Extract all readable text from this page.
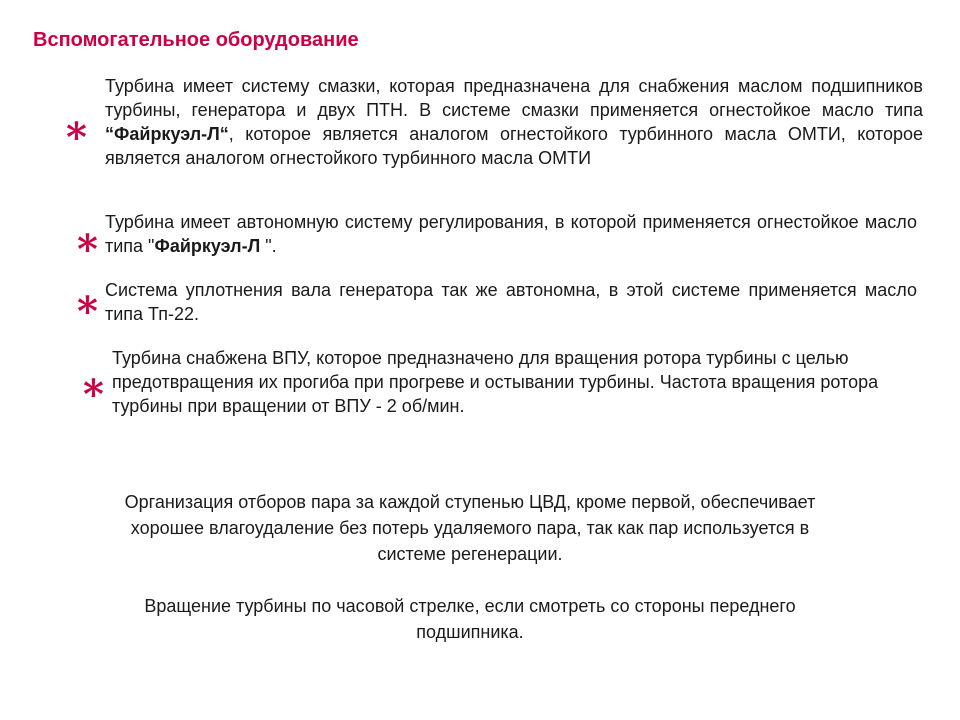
Вспомогательное оборудование
*

Турбина имеет систему смазки, которая предназначена для снабжения маслом подшипников турбины, генератора и двух ПТН. В системе смазки применяется огнестойкое масло типа “Файркуэл-Л“, которое является аналогом огнестойкого турбинного масла ОМТИ, которое является аналогом огнестойкого турбинного масла ОМТИ

*

Турбина имеет автономную систему регулирования, в которой применяется огнестойкое масло типа "Файркуэл-Л ".

* Система уплотнения вала генератора так же автономна, в этой системе применяется масло типа Тп-22.

*

Турбина снабжена ВПУ, которое предназначено для вращения ротора турбины с целью предотвращения их прогиба при прогреве и остывании турбины. Частота вращения ротора турбины при вращении от ВПУ - 2 об/мин.

Организация отборов пара за каждой ступенью ЦВД, кроме первой, обеспечивает хорошее влагоудаление без потерь удаляемого пара, так как пар используется в системе регенерации.

Вращение турбины по часовой стрелке, если смотреть со стороны переднего подшипника.
